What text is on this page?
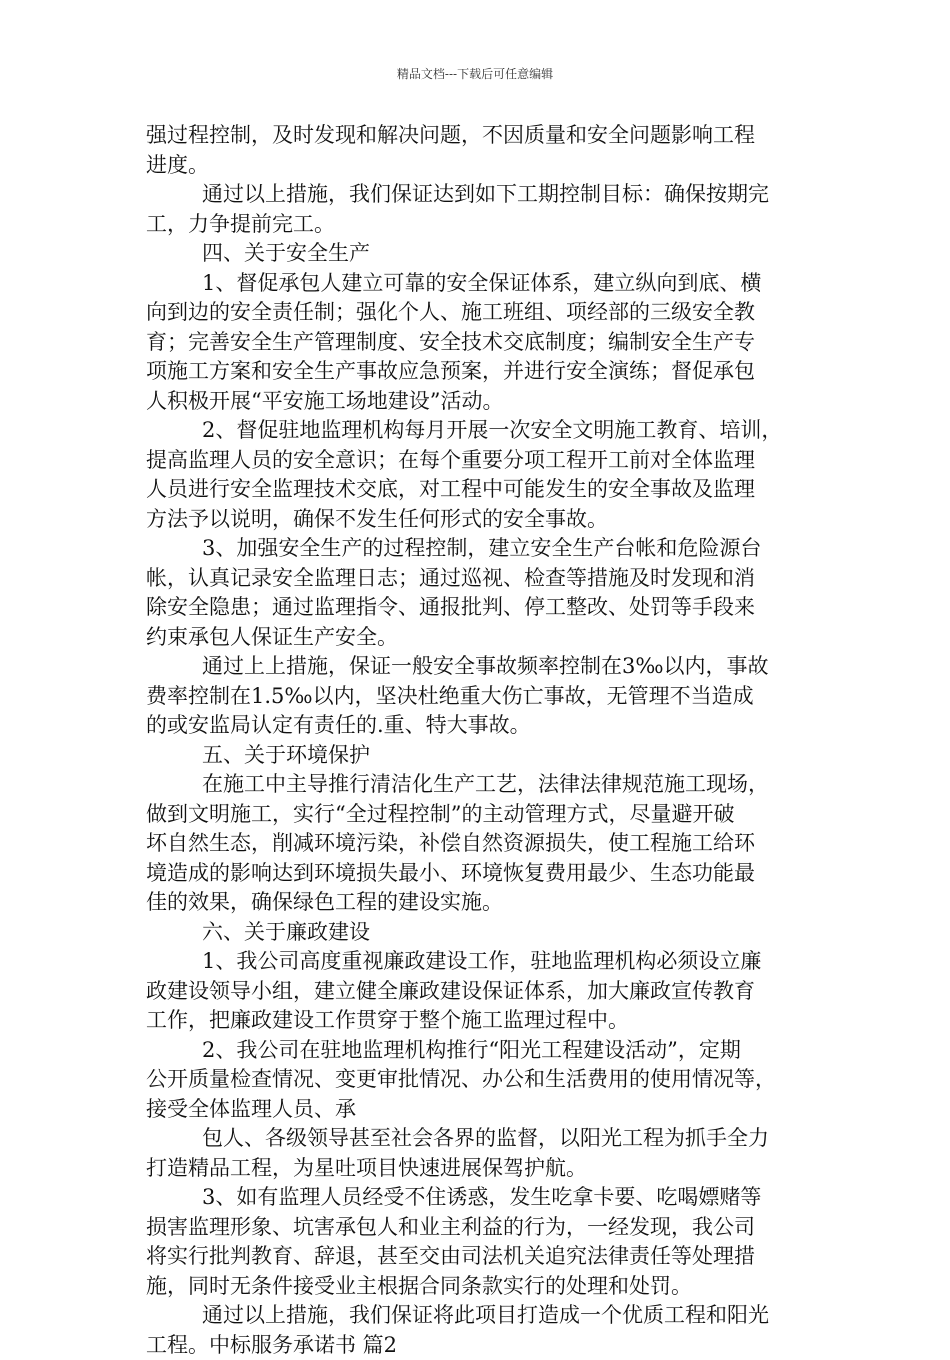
精品文档---下载后可任意编辑
强过程控制，及时发现和解决问题，不因质量和安全问题影响工程
进度。
通过以上措施，我们保证达到如下工期控制目标：确保按期完
工，力争提前完工。
四、关于安全生产
1、督促承包人建立可靠的安全保证体系，建立纵向到底、横
向到边的安全责任制；强化个人、施工班组、项经部的三级安全教
育；完善安全生产管理制度、安全技术交底制度；编制安全生产专
项施工方案和安全生产事故应急预案，并进行安全演练；督促承包
人积极开展“平安施工场地建设”活动。
2、督促驻地监理机构每月开展一次安全文明施工教育、培训，
提高监理人员的安全意识；在每个重要分项工程开工前对全体监理
人员进行安全监理技术交底，对工程中可能发生的安全事故及监理
方法予以说明，确保不发生任何形式的安全事故。
3、加强安全生产的过程控制，建立安全生产台帐和危险源台
帐，认真记录安全监理日志；通过巡视、检查等措施及时发现和消
除安全隐患；通过监理指令、通报批判、停工整改、处罚等手段来
约束承包人保证生产安全。
通过上上措施，保证一般安全事故频率控制在3‰以内，事故
费率控制在1.5‰以内，坚决杜绝重大伤亡事故，无管理不当造成
的或安监局认定有责任的.重、特大事故。
五、关于环境保护
在施工中主导推行清洁化生产工艺，法律法律规范施工现场，
做到文明施工，实行“全过程控制”的主动管理方式，尽量避开破
坏自然生态，削减环境污染，补偿自然资源损失，使工程施工给环
境造成的影响达到环境损失最小、环境恢复费用最少、生态功能最
佳的效果，确保绿色工程的建设实施。
六、关于廉政建设
1、我公司高度重视廉政建设工作，驻地监理机构必须设立廉
政建设领导小组，建立健全廉政建设保证体系，加大廉政宣传教育
工作，把廉政建设工作贯穿于整个施工监理过程中。
2、我公司在驻地监理机构推行“阳光工程建设活动”，定期
公开质量检查情况、变更审批情况、办公和生活费用的使用情况等，
接受全体监理人员、承
包人、各级领导甚至社会各界的监督，以阳光工程为抓手全力
打造精品工程，为星吐项目快速进展保驾护航。
3、如有监理人员经受不住诱惑，发生吃拿卡要、吃喝嫖赌等
损害监理形象、坑害承包人和业主利益的行为，一经发现，我公司
将实行批判教育、辞退，甚至交由司法机关追究法律责任等处理措
施，同时无条件接受业主根据合同条款实行的处理和处罚。
通过以上措施，我们保证将此项目打造成一个优质工程和阳光
工程。中标服务承诺书 篇2
